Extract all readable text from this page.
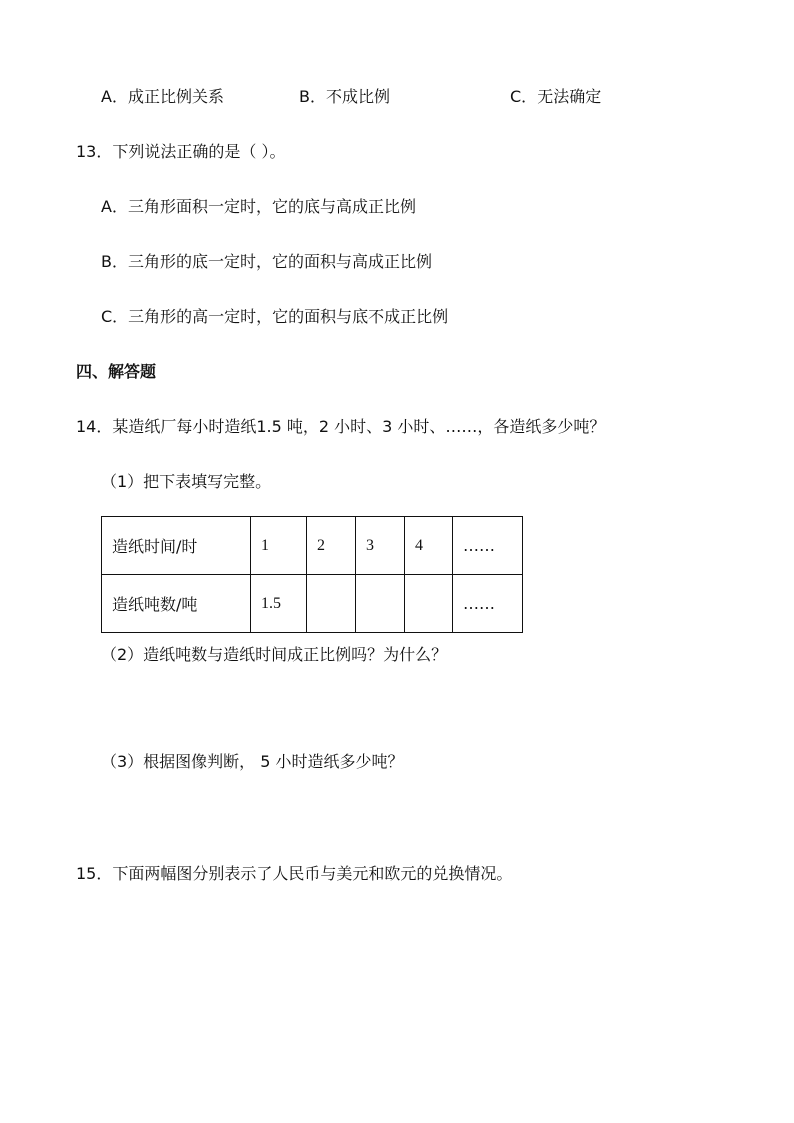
A．成正比例关系	B．不成比例	C．无法确定
13．下列说法正确的是（ ）。
A．三角形面积一定时，它的底与高成正比例
B．三角形的底一定时，它的面积与高成正比例
C．三角形的高一定时，它的面积与底不成正比例
四、解答题
14．某造纸厂每小时造纸1.5 吨，2 小时、3 小时、……，各造纸多少吨？
（1）把下表填写完整。
造纸时间/时	1	2	3	4	……
造纸吨数/吨	1.5				……
（2）造纸吨数与造纸时间成正比例吗？为什么？
（3）根据图像判断， 5 小时造纸多少吨？
15．下面两幅图分别表示了人民币与美元和欧元的兑换情况。
